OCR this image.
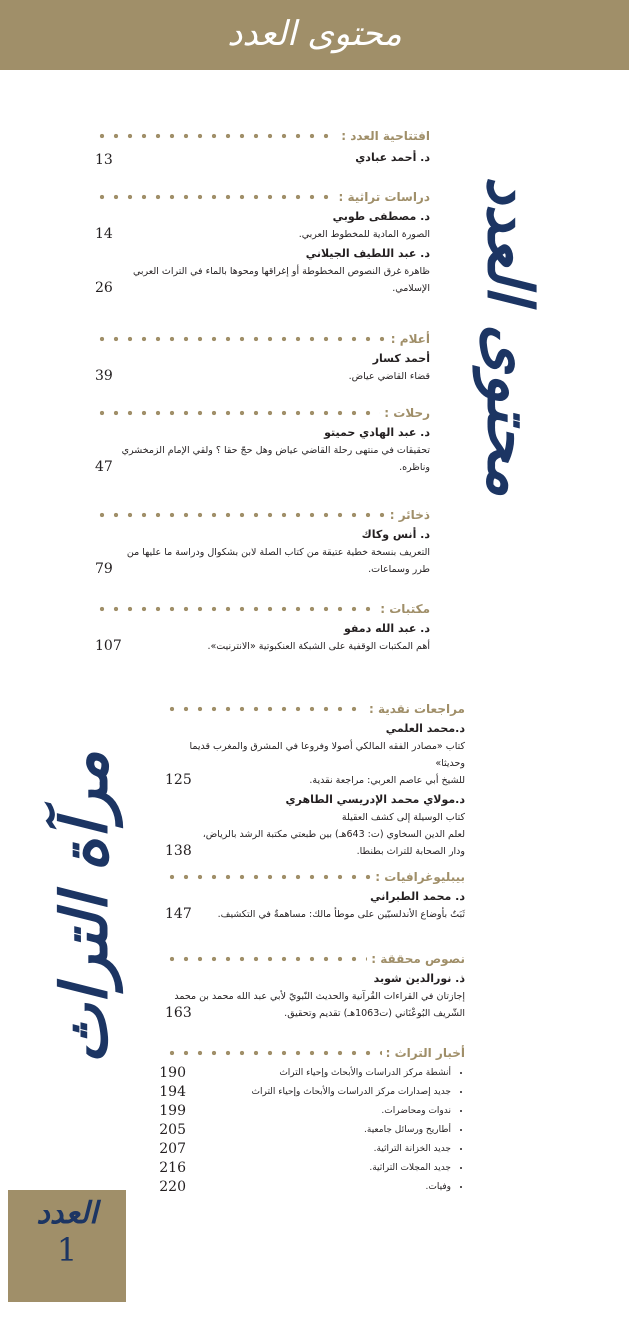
محتوى العدد
محتوى العدد
مرآة التراث
العدد
1
افتتاحية العدد :
د. أحمد عبادي
13
دراسات تراثية :
د. مصطفى طوبي
الصورة المادية للمخطوط العربي.
14
د. عبد اللطيف الجيلاني
ظاهرة غرق النصوص المخطوطة أو إغراقها ومحوها بالماء في التراث العربي
الإسلامي.
26
أعلام :
أحمد كسار
قضاء القاضي عياض.
39
رحلات :
د. عبد الهادي حميتو
تحقيقات في منتهى رحلة القاضي عياض وهل حجّ حقا ؟ ولقي الإمام الزمخشري
وناظره.
47
ذخائر :
د. أنس وكاك
التعريف بنسخة خطية عتيقة من كتاب الصلة لابن بشكوال ودراسة ما عليها من
طرر وسماعات.
79
مكتبات :
د. عبد الله دمفو
أهم المكتبات الوقفية على الشبكة العنكبوتية «الانترنيت».
107
مراجعات نقدية :
د.محمد العلمي
كتاب «مصادر الفقه المالكي أصولا وفروعا في المشرق والمغرب قديما وحديثا»
للشيخ أبي عاصم العربي: مراجعة نقدية.
125
د.مولاي محمد الإدريسي الطاهري
كتاب الوسيلة إلى كشف العقيلة
لعلم الدين السخاوي (ت: 643هـ) بين طبعتي مكتبة الرشد بالرياض،
ودار الصحابة للتراث بطنطا.
138
بيبليوغرافيات :
د. محمد الطبراني
ثَبَتٌ بأوضاع الأندلسيّين على موطأ مالك: مساهمةٌ في التكشيف.
147
نصوص محققة :
ذ. نورالدين شوبد
إجازتان في القراءات القُرآنية والحديث النّبويّ لأبي عبد الله محمد بن محمد
الشّريف البُوعْنَاني (ت1063هـ) تقديم وتحقيق.
163
أخبار التراث :
• أنشطة مركز الدراسات والأبحاث وإحياء التراث
190
• جديد إصدارات مركز الدراسات والأبحاث وإحياء التراث
194
• ندوات ومحاضرات.
199
• أطاريح ورسائل جامعية.
205
• جديد الخزانة التراثية.
207
• جديد المجلات التراثية.
216
• وفيات.
220
